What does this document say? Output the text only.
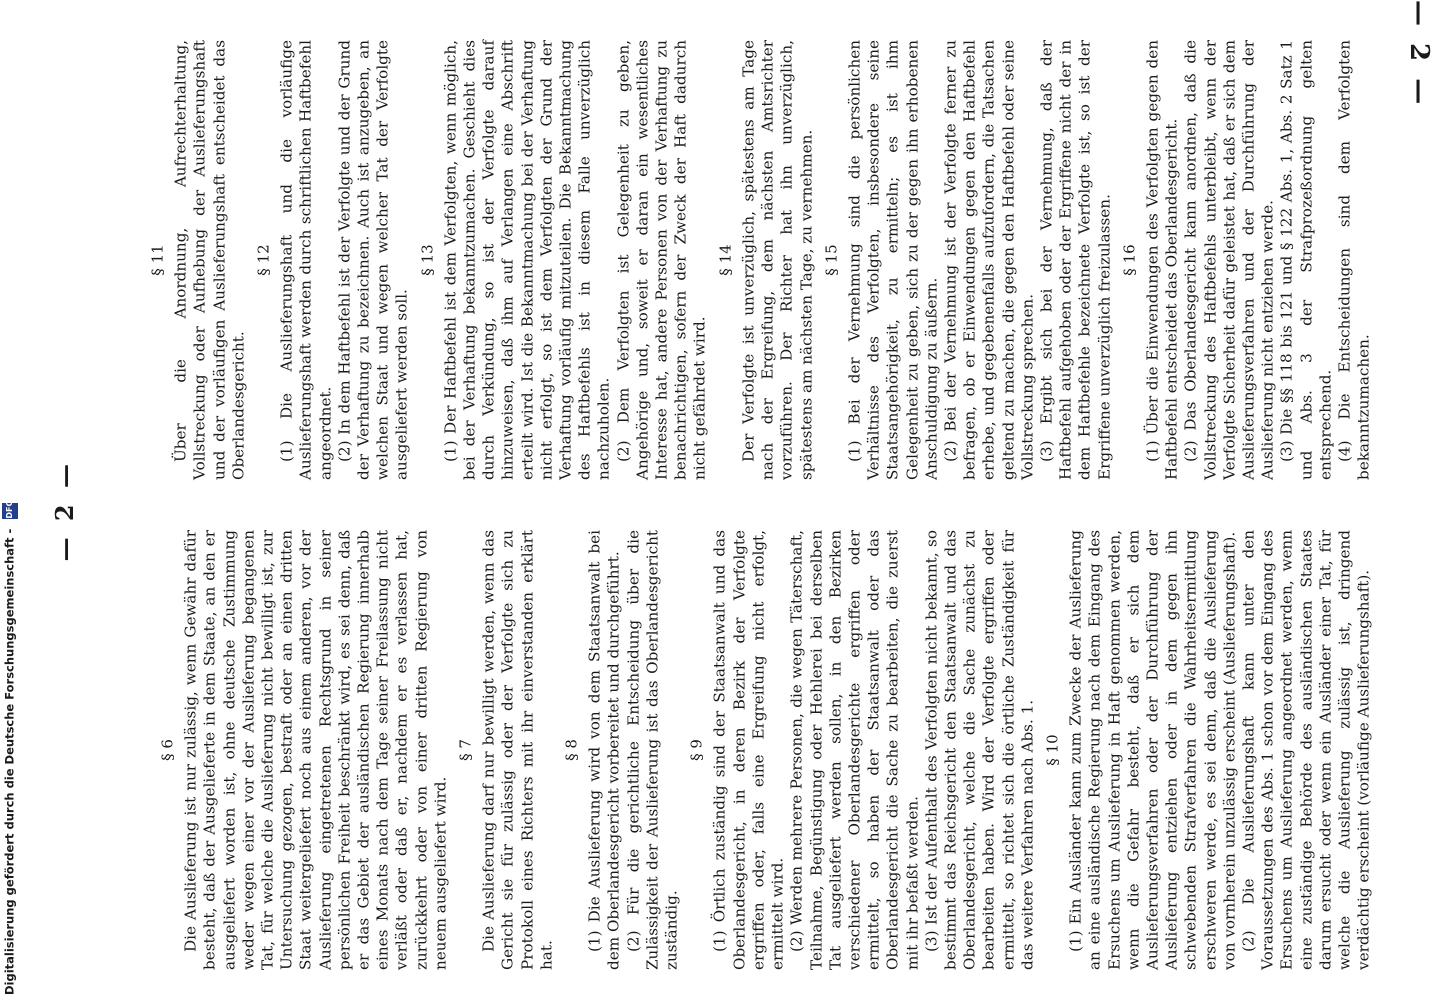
— 2 —
— 2 —
§ 6 Die Auslieferung ist nur zulässig, wenn Gewähr dafür besteht, daß der Ausgelieferte in dem Staate, an den er ausgeliefert worden ist, ohne deutsche Zustimmung weder wegen einer vor der Auslieferung begangenen Tat, für welche die Auslieferung nicht bewilligt ist, zur Untersuchung gezogen, bestraft oder an einen dritten Staat weitergeliefert noch aus einem anderen, vor der Auslieferung eingetretenen Rechtsgrund in seiner persönlichen Freiheit beschränkt wird, es sei denn, daß er das Gebiet der ausländischen Regierung innerhalb eines Monats nach dem Tage seiner Freilassung nicht verläßt oder daß er, nachdem er es verlassen hat, zurückkehrt oder von einer dritten Regierung von neuem ausgeliefert wird.

§ 7 Die Auslieferung darf nur bewilligt werden, wenn das Gericht sie für zulässig oder der Verfolgte sich zu Protokoll eines Richters mit ihr einverstanden erklärt hat.

§ 8 (1) Die Auslieferung wird von dem Staatsanwalt bei dem Oberlandesgericht vorbereitet und durchgeführt. (2) Für die gerichtliche Entscheidung über die Zulässigkeit der Auslieferung ist das Oberlandesgericht zuständig.

§ 9 (1) Örtlich zuständig sind der Staatsanwalt und das Oberlandesgericht, in deren Bezirk der Verfolgte ergriffen oder, falls eine Ergreifung nicht erfolgt, ermittelt wird. (2) Werden mehrere Personen, die wegen Täterschaft, Teilnahme, Begünstigung oder Hehlerei bei derselben Tat ausgeliefert werden sollen, in den Bezirken verschiedener Oberlandesgerichte ergriffen oder ermittelt, so haben der Staatsanwalt oder das Oberlandesgericht die Sache zu bearbeiten, die zuerst mit ihr befaßt werden. (3) Ist der Aufenthalt des Verfolgten nicht bekannt, so bestimmt das Reichsgericht den Staatsanwalt und das Oberlandesgericht, welche die Sache zunächst zu bearbeiten haben. Wird der Verfolgte ergriffen oder ermittelt, so richtet sich die örtliche Zuständigkeit für das weitere Verfahren nach Abs. 1. § 10 (1) Ein Ausländer kann zum Zwecke der Auslieferung an eine ausländische Regierung nach dem Eingang des Ersuchens um Auslieferung in Haft genommen werden, wenn die Gefahr besteht, daß er sich dem Auslieferungsverfahren oder der Durchführung der Auslieferung entziehen oder in dem gegen ihn schwebenden Strafverfahren die Wahrheitsermittlung erschweren werde, es sei denn, daß die Auslieferung von vornherein unzulässig erscheint (Auslieferungshaft). (2) Die Auslieferungshaft kann unter den Voraussetzungen des Abs. 1 schon vor dem Eingang des Ersuchens um Auslieferung angeordnet werden, wenn eine zuständige Behörde des ausländischen Staates darum ersucht oder wenn ein Ausländer einer Tat, für welche die Auslieferung zulässig ist, dringend verdächtig erscheint (vorläufige Auslieferungshaft).

§ 11 Über die Anordnung, Aufrechterhaltung, Vollstreckung oder Aufhebung der Auslieferungshaft und der vorläufigen Auslieferungshaft entscheidet das Oberlandesgericht.

§ 12 (1) Die Auslieferungshaft und die vorläufige Auslieferungshaft werden durch schriftlichen Haftbefehl angeordnet. (2) In dem Haftbefehl ist der Verfolgte und der Grund der Verhaftung zu bezeichnen. Auch ist anzugeben, an welchen Staat und wegen welcher Tat der Verfolgte ausgeliefert werden soll.

§ 13 (1) Der Haftbefehl ist dem Verfolgten, wenn möglich, bei der Verhaftung bekanntzumachen. Geschieht dies durch Verkündung, so ist der Verfolgte darauf hinzuweisen, daß ihm auf Verlangen eine Abschrift erteilt wird. Ist die Bekanntmachung bei der Verhaftung nicht erfolgt, so ist dem Verfolgten der Grund der Verhaftung vorläufig mitzuteilen. Die Bekanntmachung des Haftbefehls ist in diesem Falle unverzüglich nachzuholen. (2) Dem Verfolgten ist Gelegenheit zu geben, Angehörige und, soweit er daran ein wesentliches Interesse hat, andere Personen von der Verhaftung zu benachrichtigen, sofern der Zweck der Haft dadurch nicht gefährdet wird.

§ 14 Der Verfolgte ist unverzüglich, spätestens am Tage nach der Ergreifung, dem nächsten Amtsrichter vorzuführen. Der Richter hat ihn unverzüglich, spätestens am nächsten Tage, zu vernehmen. § 15 (1) Bei der Vernehmung sind die persönlichen Verhältnisse des Verfolgten, insbesondere seine Staatsangehörigkeit, zu ermitteln; es ist ihm Gelegenheit zu geben, sich zu der gegen ihn erhobenen Anschuldigung zu äußern. (2) Bei der Vernehmung ist der Verfolgte ferner zu befragen, ob er Einwendungen gegen den Haftbefehl erhebe, und gegebenenfalls aufzufordern, die Tatsachen geltend zu machen, die gegen den Haftbefehl oder seine Vollstreckung sprechen. (3) Ergibt sich bei der Vernehmung, daß der Haftbefehl aufgehoben oder der Ergriffene nicht der in dem Haftbefehle bezeichnete Verfolgte ist, so ist der Ergriffene unverzüglich freizulassen. § 16 (1) Über die Einwendungen des Verfolgten gegen den Haftbefehl entscheidet das Oberlandesgericht. (2) Das Oberlandesgericht kann anordnen, daß die Vollstreckung des Haftbefehls unterbleibt, wenn der Verfolgte Sicherheit dafür geleistet hat, daß er sich dem Auslieferungsverfahren und der Durchführung der Auslieferung nicht entziehen werde. (3) Die §§ 118 bis 121 und § 122 Abs. 1, Abs. 2 Satz 1 und Abs. 3 der Strafprozeßordnung gelten entsprechend. (4) Die Entscheidungen sind dem Verfolgten bekanntzumachen.

Digitalisierung gefördert durch die Deutsche Forschungsgemeinschaft - DFG
